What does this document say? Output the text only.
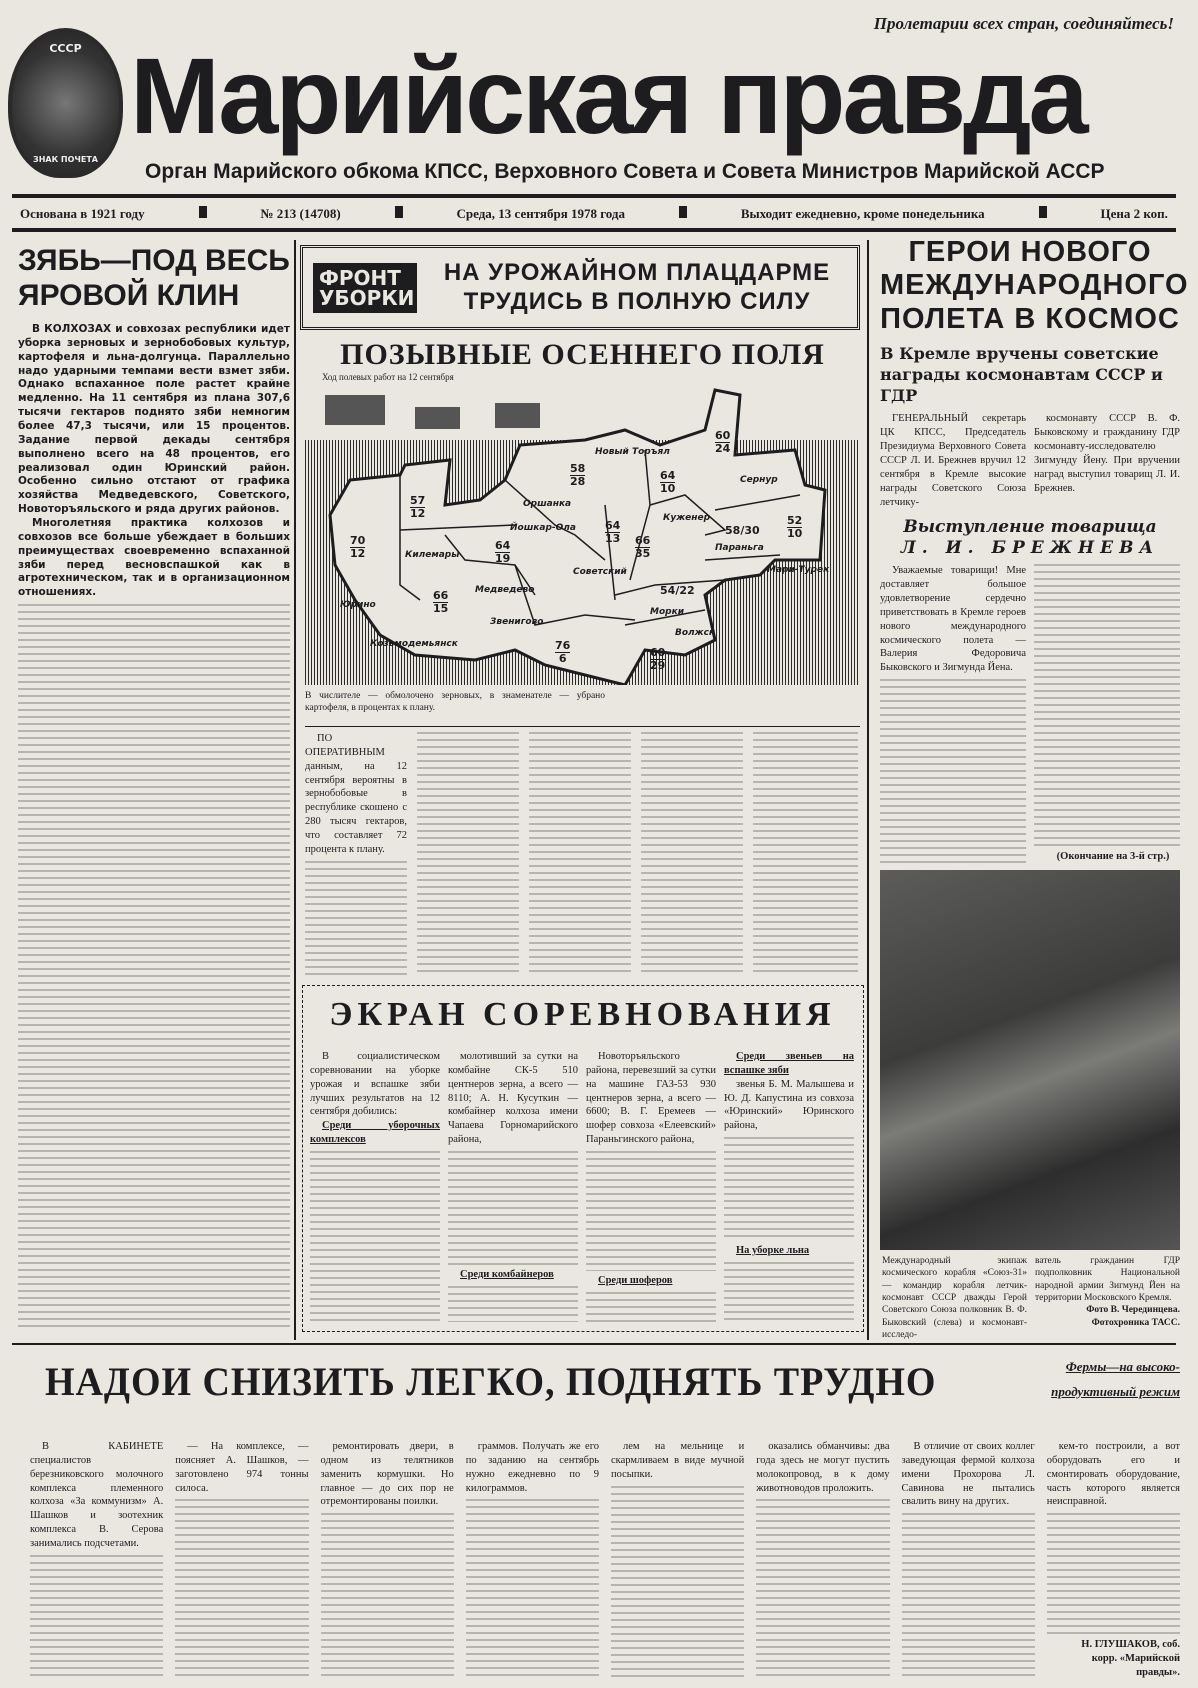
СССР
ЗНАК ПОЧЕТА
Пролетарии всех стран, соединяйтесь!
Марийская правда
Орган Марийского обкома КПСС, Верховного Совета и Совета Министров Марийской АССР
Основана в 1921 году	№ 213 (14708)	Среда, 13 сентября 1978 года	Выходит ежедневно, кроме понедельника	Цена 2 коп.
ЗЯБЬ—ПОД ВЕСЬ
ЯРОВОЙ КЛИН

В КОЛХОЗАХ и совхозах республики идет уборка зерновых и зернобобовых культур, картофеля и льна-долгунца. Параллельно надо ударными темпами вести взмет зяби. Однако вспаханное поле растет крайне медленно. На 11 сентября из плана 307,6 тысячи гектаров поднято зяби немногим более 47,3 тысячи, или 15 процентов. Задание первой декады сентября выполнено всего на 48 процентов, его реализовал один Юринский район. Особенно сильно отстают от графика хозяйства Медведевского, Советского, Новоторъяльского и ряда других районов.

Многолетняя практика колхозов и совхозов все больше убеждает в больших преимуществах своевременно вспаханной зяби перед весновспашкой как в агротехническом, так и в организационном отношениях.

ФРОНТ УБОРКИ
НА УРОЖАЙНОМ ПЛАЦДАРМЕ
ТРУДИСЬ В ПОЛНУЮ СИЛУ
ПОЗЫВНЫЕ ОСЕННЕГО ПОЛЯ
Ход полевых работ на 12 сентября
70
12
Юрино
57
12
Килемары
66
15
Козьмодемьянск
64
19
Медведево
Йошкар-Ола
58
28
Оршанка
64
10
Новый Торъял
64
13
Советский
76
6
Звенигово
66
35
Куженер
60
24
Сернур
58/30
Параньга
52
10
Мари-Турек
54/22
Морки
60
29
Волжск
В числителе — обмолочено зерновых, в знаменателе — убрано картофеля, в процентах к плану.

ПО ОПЕРАТИВНЫМ данным, на 12 сентября вероятны в зернобобовые в республике скошено с 280 тысяч гектаров, что составляет 72 процента к плану.

ЭКРАН СОРЕВНОВАНИЯ

В социалистическом соревновании на уборке урожая и вспашке зяби лучших результатов на 12 сентября добились:

Среди уборочных комплексов

молотивший за сутки на комбайне СК-5 510 центнеров зерна, а всего — 8110; А. Н. Кусуткин — комбайнер колхоза имени Чапаева Горномарийского района,

Среди комбайнеров

Новоторъяльского района, перевезший за сутки на машине ГАЗ-53 930 центнеров зерна, а всего — 6600; В. Г. Еремеев — шофер совхоза «Елеевский» Параньгинского района,

Среди шоферов

Среди звеньев на вспашке зяби

звенья Б. М. Малышева и Ю. Д. Капустина из совхоза «Юринский» Юринского района,

На уборке льна

ГЕРОИ НОВОГО МЕЖДУНАРОДНОГО ПОЛЕТА В КОСМОС
В Кремле вручены советские награды космонавтам СССР и ГДР

ГЕНЕРАЛЬНЫЙ секретарь ЦК КПСС, Председатель Президиума Верховного Совета СССР Л. И. Брежнев вручил 12 сентября в Кремле высокие награды Советского Союза летчику-

космонавту СССР В. Ф. Быковскому и гражданину ГДР космонавту-исследователю Зигмунду Йену. При вручении наград выступил товарищ Л. И. Брежнев.

Выступление товарища
Л. И. БРЕЖНЕВА

Уважаемые товарищи! Мне доставляет большое удовлетворение сердечно приветствовать в Кремле героев нового международного космического полета — Валерия Федоровича Быковского и Зигмунда Йена.

(Окончание на 3-й стр.)

Международный экипаж космического корабля «Союз-31» — командир корабля летчик-космонавт СССР дважды Герой Советского Союза полковник В. Ф. Быковский (слева) и космонавт-исследо-
ватель гражданин ГДР подполковник Национальной народной армии Зигмунд Йен на территории Московского Кремля.
Фото В. Черединцева.
Фотохроника ТАСС.
НАДОИ СНИЗИТЬ ЛЕГКО, ПОДНЯТЬ ТРУДНО	Фермы—на высоко-
продуктивный режим

В КАБИНЕТЕ специалистов березниковского молочного комплекса племенного колхоза «За коммунизм» А. Шашков и зоотехник комплекса В. Серова занимались подсчетами.

— На комплексе, — поясняет А. Шашков, — заготовлено 974 тонны силоса.

ремонтировать двери, в одном из телятников заменить кормушки. Но главное — до сих пор не отремонтированы поилки.

граммов. Получать же его по заданию на сентябрь нужно ежедневно по 9 килограммов.

лем на мельнице и скармливаем в виде мучной посыпки.

оказались обманчивы: два года здесь не могут пустить молокопровод, в к дому животноводов проложить.

В отличие от своих коллег заведующая фермой колхоза имени Прохорова Л. Савинова не пытались свалить вину на других.

кем-то построили, а вот оборудовать его и смонтировать оборудование, часть которого является неисправной.

Н. ГЛУШАКОВ, соб. корр. «Марийской правды».
